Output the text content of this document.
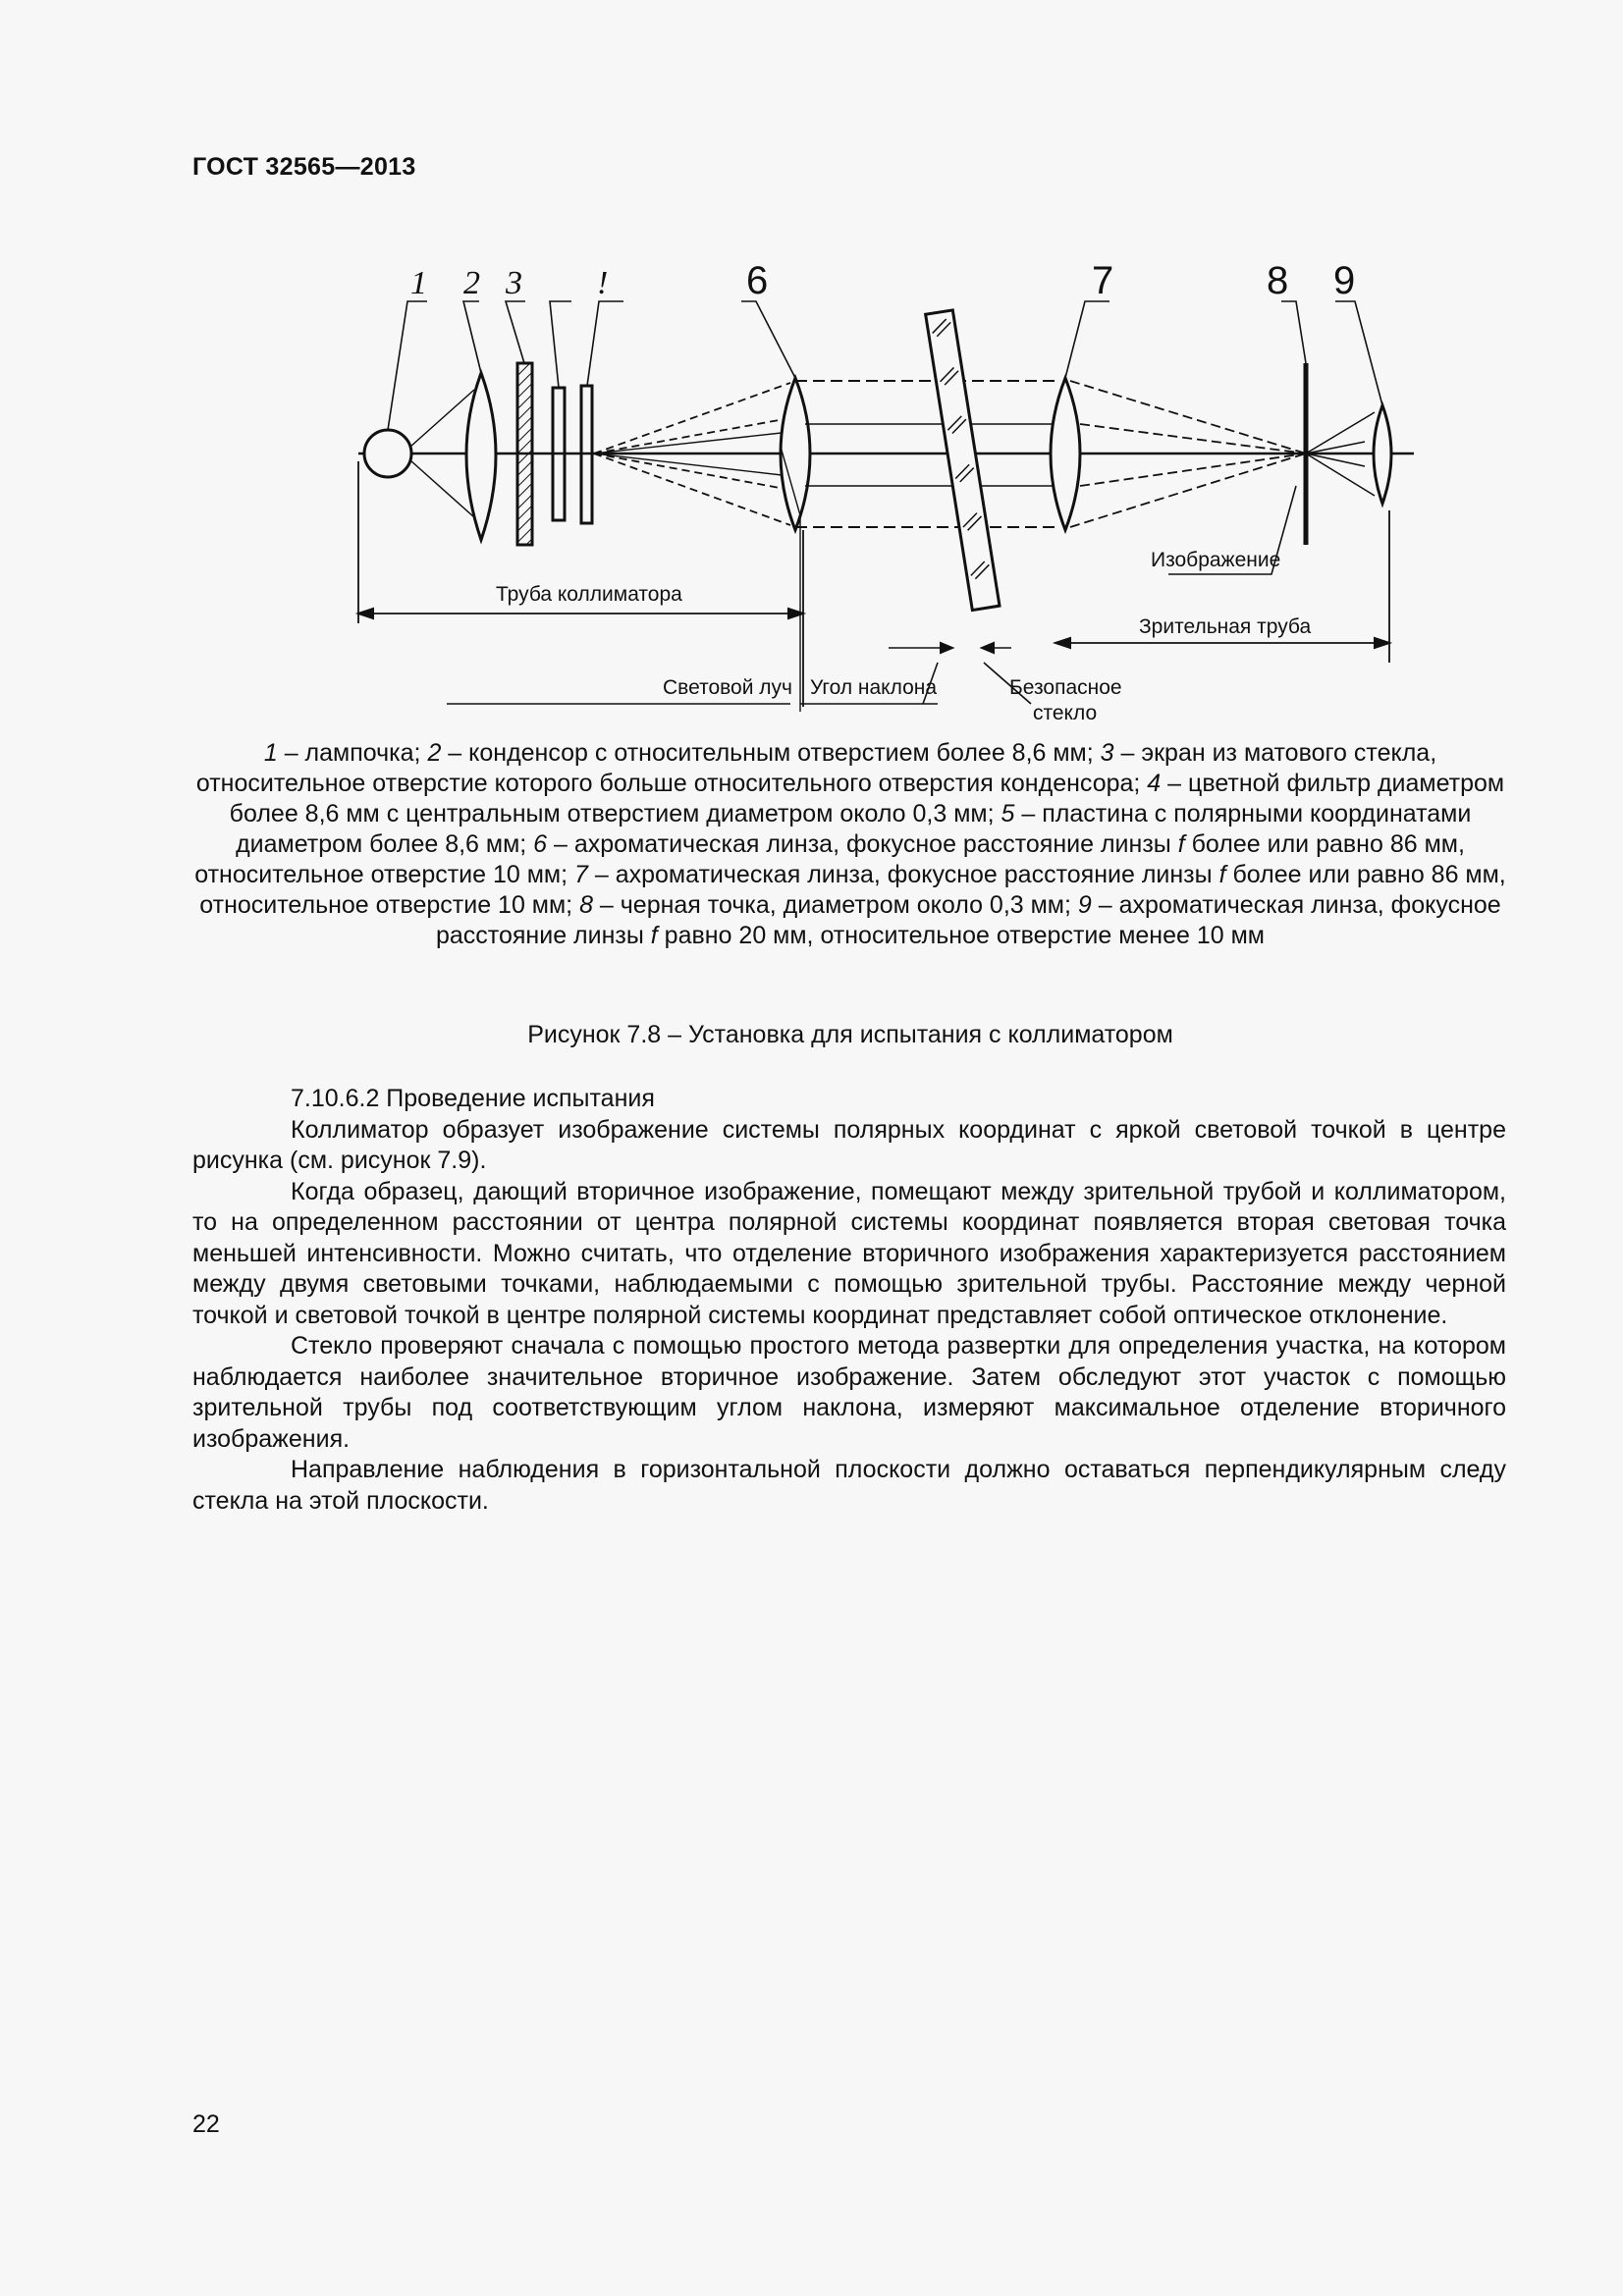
ГОСТ 32565—2013
1 2 3 !	6	7	8 9
Труба коллиматора
Изображение
Зрительная труба
Световой луч Угол наклона	Безопасное
стекло
1 – лампочка; 2 – конденсор с относительным отверстием более 8,6 мм; 3 – экран из матового стекла, относительное отверстие которого больше относительного отверстия конденсора; 4 – цветной фильтр диаметром более 8,6 мм с центральным отверстием диаметром около 0,3 мм; 5 – пластина с полярными координатами диаметром более 8,6 мм; 6 – ахроматическая линза, фокусное расстояние линзы f более или равно 86 мм, относительное отверстие 10 мм; 7 – ахроматическая линза, фокусное расстояние линзы f более или равно 86 мм, относительное отверстие 10 мм; 8 – черная точка, диаметром около 0,3 мм; 9 – ахроматическая линза, фокусное расстояние линзы f равно 20 мм, относительное отверстие менее 10 мм
Рисунок 7.8 – Установка для испытания с коллиматором

7.10.6.2 Проведение испытания

Коллиматор образует изображение системы полярных координат с яркой световой точкой в центре рисунка (см. рисунок 7.9).

Когда образец, дающий вторичное изображение, помещают между зрительной трубой и коллиматором, то на определенном расстоянии от центра полярной системы координат появляется вторая световая точка меньшей интенсивности. Можно считать, что отделение вторичного изображения характеризуется расстоянием между двумя световыми точками, наблюдаемыми с помощью зрительной трубы. Расстояние между черной точкой и световой точкой в центре полярной системы координат представляет собой оптическое отклонение.

Стекло проверяют сначала с помощью простого метода развертки для определения участка, на котором наблюдается наиболее значительное вторичное изображение. Затем обследуют этот участок с помощью зрительной трубы под соответствующим углом наклона, измеряют максимальное отделение вторичного изображения.

Направление наблюдения в горизонтальной плоскости должно оставаться перпендикулярным следу стекла на этой плоскости.

22
